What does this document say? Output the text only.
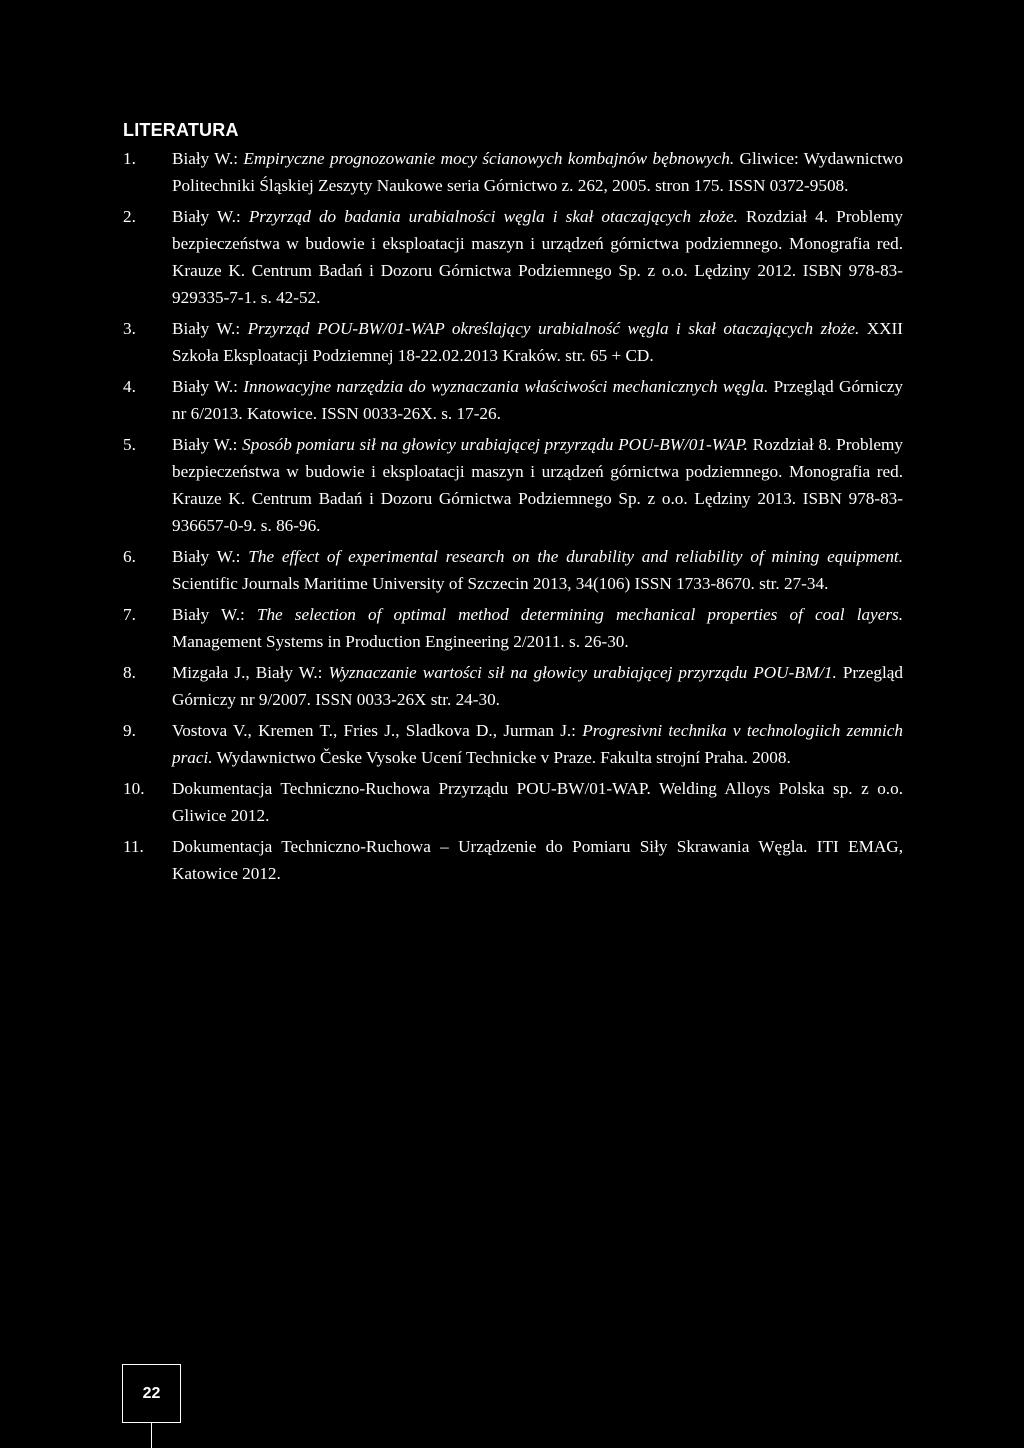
LITERATURA
1. Biały W.: Empiryczne prognozowanie mocy ścianowych kombajnów bębnowych. Gliwice: Wydawnictwo Politechniki Śląskiej Zeszyty Naukowe seria Górnictwo z. 262, 2005. stron 175. ISSN 0372-9508.
2. Biały W.: Przyrząd do badania urabialności węgla i skał otaczających złoże. Rozdział 4. Problemy bezpieczeństwa w budowie i eksploatacji maszyn i urządzeń górnictwa podziemnego. Monografia red. Krauze K. Centrum Badań i Dozoru Górnictwa Podziemnego Sp. z o.o. Lędziny 2012. ISBN 978-83-929335-7-1. s. 42-52.
3. Biały W.: Przyrząd POU-BW/01-WAP określający urabialność węgla i skał otaczających złoże. XXII Szkoła Eksploatacji Podziemnej 18-22.02.2013 Kraków. str. 65 + CD.
4. Biały W.: Innowacyjne narzędzia do wyznaczania właściwości mechanicznych węgla. Przegląd Górniczy nr 6/2013. Katowice. ISSN 0033-26X. s. 17-26.
5. Biały W.: Sposób pomiaru sił na głowicy urabiającej przyrządu POU-BW/01-WAP. Rozdział 8. Problemy bezpieczeństwa w budowie i eksploatacji maszyn i urządzeń górnictwa podziemnego. Monografia red. Krauze K. Centrum Badań i Dozoru Górnictwa Podziemnego Sp. z o.o. Lędziny 2013. ISBN 978-83-936657-0-9. s. 86-96.
6. Biały W.: The effect of experimental research on the durability and reliability of mining equipment. Scientific Journals Maritime University of Szczecin 2013, 34(106) ISSN 1733-8670. str. 27-34.
7. Biały W.: The selection of optimal method determining mechanical properties of coal layers. Management Systems in Production Engineering 2/2011. s. 26-30.
8. Mizgała J., Biały W.: Wyznaczanie wartości sił na głowicy urabiającej przyrządu POU-BM/1. Przegląd Górniczy nr 9/2007. ISSN 0033-26X str. 24-30.
9. Vostova V., Kremen T., Fries J., Sladkova D., Jurman J.: Progresivni technika v technologiich zemnich praci. Wydawnictwo Česke Vysoke Ucení Technicke v Praze. Fakulta strojní Praha. 2008.
10. Dokumentacja Techniczno-Ruchowa Przyrządu POU-BW/01-WAP. Welding Alloys Polska sp. z o.o. Gliwice 2012.
11. Dokumentacja Techniczno-Ruchowa – Urządzenie do Pomiaru Siły Skrawania Węgla. ITI EMAG, Katowice 2012.
22
